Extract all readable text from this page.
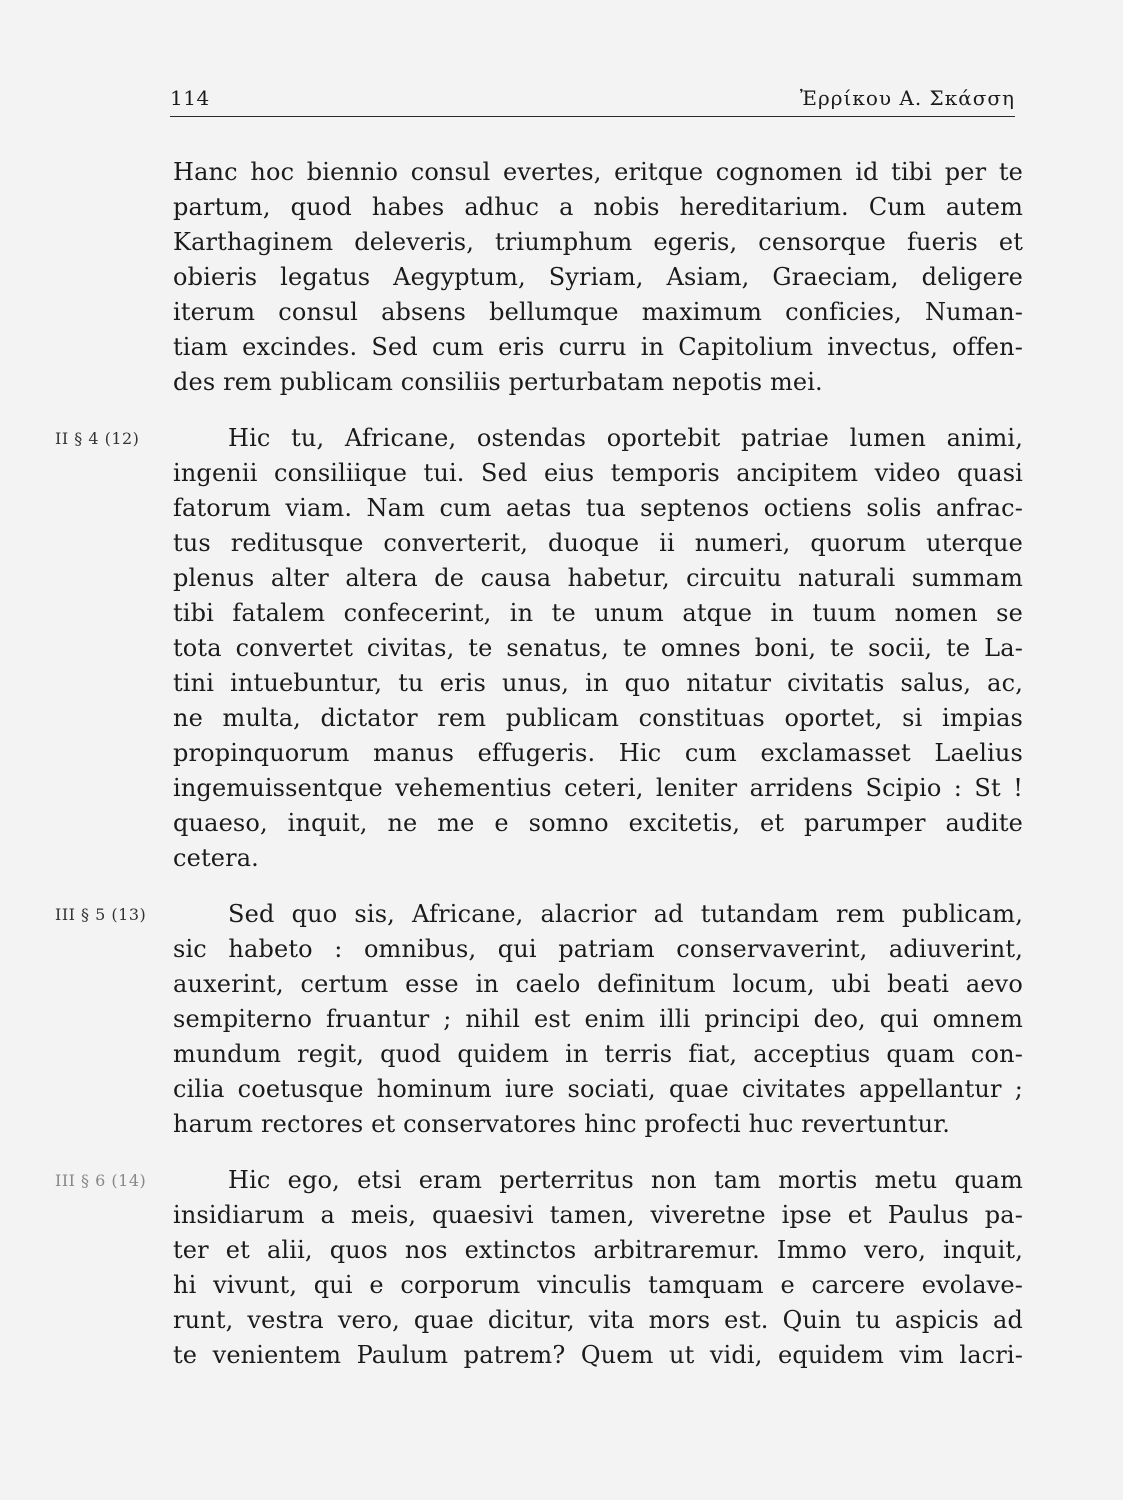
114	Ἐρρίκου Α. Σκάσση
Hanc hoc biennio consul evertes, eritque cognomen id tibi per te
partum, quod habes adhuc a nobis hereditarium. Cum autem
Karthaginem deleveris, triumphum egeris, censorque fueris et
obieris legatus Aegyptum, Syriam, Asiam, Graeciam, deligere
iterum consul absens bellumque maximum conficies, Numan-
tiam excindes. Sed cum eris curru in Capitolium invectus, offen-
des rem publicam consiliis perturbatam nepotis mei.
II § 4 (12)	Hic tu, Africane, ostendas oportebit patriae lumen animi,
ingenii consiliique tui. Sed eius temporis ancipitem video quasi
fatorum viam. Nam cum aetas tua septenos octiens solis anfrac-
tus reditusque converterit, duoque ii numeri, quorum uterque
plenus alter altera de causa habetur, circuitu naturali summam
tibi fatalem confecerint, in te unum atque in tuum nomen se
tota convertet civitas, te senatus, te omnes boni, te socii, te La-
tini intuebuntur, tu eris unus, in quo nitatur civitatis salus, ac,
ne multa, dictator rem publicam constituas oportet, si impias
propinquorum manus effugeris. Hic cum exclamasset Laelius
ingemuissentque vehementius ceteri, leniter arridens Scipio : St !
quaeso, inquit, ne me e somno excitetis, et parumper audite
cetera.
III § 5 (13)	Sed quo sis, Africane, alacrior ad tutandam rem publicam,
sic habeto : omnibus, qui patriam conservaverint, adiuverint,
auxerint, certum esse in caelo definitum locum, ubi beati aevo
sempiterno fruantur ; nihil est enim illi principi deo, qui omnem
mundum regit, quod quidem in terris fiat, acceptius quam con-
cilia coetusque hominum iure sociati, quae civitates appellantur ;
harum rectores et conservatores hinc profecti huc revertuntur.
III § 6 (14)	Hic ego, etsi eram perterritus non tam mortis metu quam
insidiarum a meis, quaesivi tamen, viveretne ipse et Paulus pa-
ter et alii, quos nos extinctos arbitraremur. Immo vero, inquit,
hi vivunt, qui e corporum vinculis tamquam e carcere evolave-
runt, vestra vero, quae dicitur, vita mors est. Quin tu aspicis ad
te venientem Paulum patrem? Quem ut vidi, equidem vim lacri-
